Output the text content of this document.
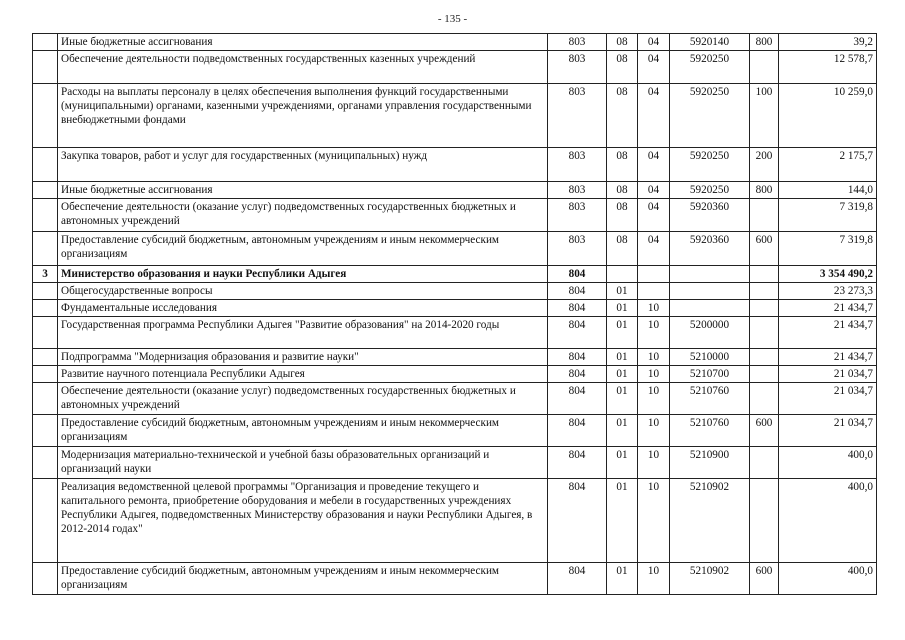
- 135 -
	Иные бюджетные ассигнования	803	08	04	5920140	800	39,2
	Обеспечение деятельности подведомственных государственных казенных учреждений	803	08	04	5920250		12 578,7
	Расходы на выплаты персоналу в целях обеспечения выполнения функций государственными (муниципальными) органами, казенными учреждениями, органами управления государственными внебюджетными фондами	803	08	04	5920250	100	10 259,0
	Закупка товаров, работ и услуг для государственных (муниципальных) нужд	803	08	04	5920250	200	2 175,7
	Иные бюджетные ассигнования	803	08	04	5920250	800	144,0
	Обеспечение деятельности (оказание услуг) подведомственных государственных бюджетных и автономных учреждений	803	08	04	5920360		7 319,8
	Предоставление субсидий бюджетным, автономным учреждениям и иным некоммерческим организациям	803	08	04	5920360	600	7 319,8
3	Министерство образования и науки Республики Адыгея	804					3 354 490,2
	Общегосударственные вопросы	804	01				23 273,3
	Фундаментальные исследования	804	01	10			21 434,7
	Государственная программа Республики Адыгея "Развитие образования" на 2014-2020 годы	804	01	10	5200000		21 434,7
	Подпрограмма "Модернизация образования и развитие науки"	804	01	10	5210000		21 434,7
	Развитие научного потенциала Республики Адыгея	804	01	10	5210700		21 034,7
	Обеспечение деятельности (оказание услуг) подведомственных государственных бюджетных и автономных учреждений	804	01	10	5210760		21 034,7
	Предоставление субсидий бюджетным, автономным учреждениям и иным некоммерческим организациям	804	01	10	5210760	600	21 034,7
	Модернизация материально-технической и учебной базы образовательных организаций и организаций науки	804	01	10	5210900		400,0
	Реализация ведомственной целевой программы "Организация и проведение текущего и капитального ремонта, приобретение оборудования и мебели в государственных учреждениях Республики Адыгея, подведомственных Министерству образования и науки Республики Адыгея, в 2012-2014 годах"	804	01	10	5210902		400,0
	Предоставление субсидий бюджетным, автономным учреждениям и иным некоммерческим организациям	804	01	10	5210902	600	400,0
